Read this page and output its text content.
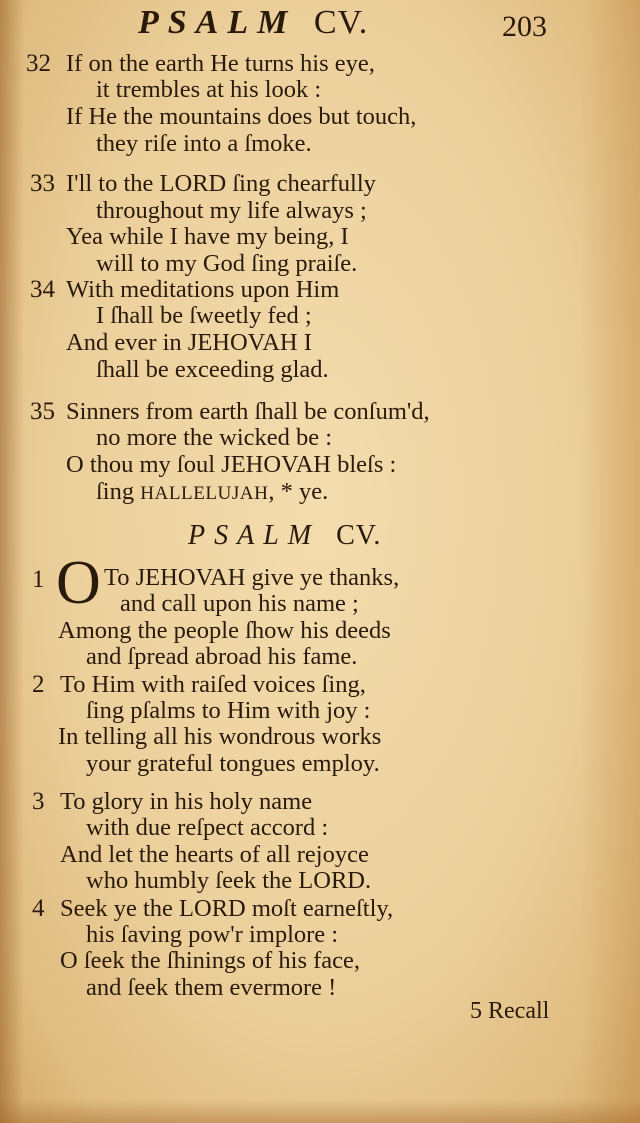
PSALM CV.	203
32 If on the earth He turns his eye,
it trembles at his look :
If He the mountains does but touch,
they riſe into a ſmoke.
33 I'll to the LORD ſing chearfully
throughout my life always ;
Yea while I have my being, I
will to my God ſing praiſe.
34 With meditations upon Him
I ſhall be ſweetly fed ;
And ever in JEHOVAH I
ſhall be exceeding glad.
35 Sinners from earth ſhall be conſum'd,
no more the wicked be :
O thou my ſoul JEHOVAH bleſs :
ſing HALLELUJAH, * ye.
PSALM CV.
1 O To JEHOVAH give ye thanks,
and call upon his name ;
Among the people ſhow his deeds
and ſpread abroad his fame.
2 To Him with raiſed voices ſing,
ſing pſalms to Him with joy :
In telling all his wondrous works
your grateful tongues employ.
3 To glory in his holy name
with due reſpect accord :
And let the hearts of all rejoyce
who humbly ſeek the LORD.
4 Seek ye the LORD moſt earneſtly,
his ſaving pow'r implore :
O ſeek the ſhinings of his face,
and ſeek them evermore !
5 Recall
